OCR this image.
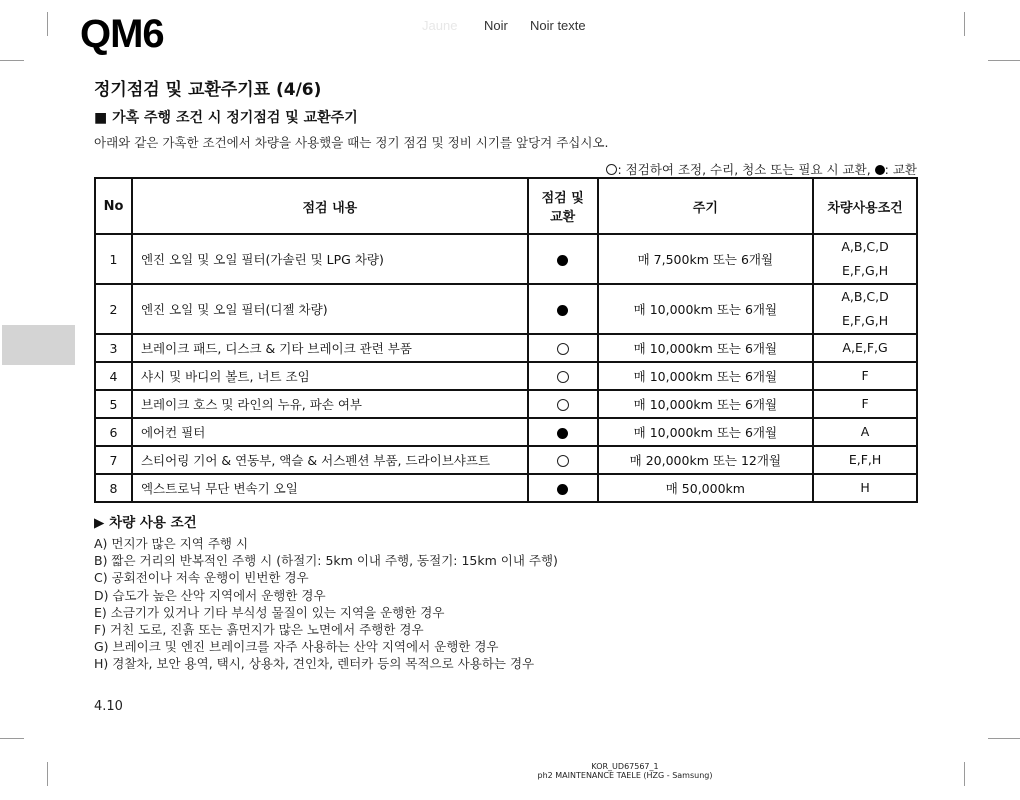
QM6	Jaune Noir Noir texte
정기점검 및 교환주기표 (4/6)
■ 가혹 주행 조건 시 정기점검 및 교환주기
아래와 같은 가혹한 조건에서 차량을 사용했을 때는 정기 점검 및 정비 시기를 앞당겨 주십시오.
: 점검하여 조정, 수리, 청소 또는 필요 시 교환, : 교환
No	점검 내용	점검 및 교환	주기	차량사용조건
1	엔진 오일 및 오일 필터(가솔린 및 LPG 차량)		매 7,500km 또는 6개월	A,B,C,D
E,F,G,H

2	엔진 오일 및 오일 필터(디젤 차량)		매 10,000km 또는 6개월	A,B,C,D
E,F,G,H

3	브레이크 패드, 디스크 & 기타 브레이크 관련 부품		매 10,000km 또는 6개월	A,E,F,G

4	샤시 및 바디의 볼트, 너트 조임		매 10,000km 또는 6개월	F

5	브레이크 호스 및 라인의 누유, 파손 여부		매 10,000km 또는 6개월	F

6	에어컨 필터		매 10,000km 또는 6개월	A

7	스티어링 기어 & 연동부, 액슬 & 서스펜션 부품, 드라이브샤프트		매 20,000km 또는 12개월	E,F,H

8	엑스트로닉 무단 변속기 오일		매 50,000km	H
▶ 차량 사용 조건
A) 먼지가 많은 지역 주행 시
B) 짧은 거리의 반복적인 주행 시 (하절기: 5km 이내 주행, 동절기: 15km 이내 주행)
C) 공회전이나 저속 운행이 빈번한 경우
D) 습도가 높은 산악 지역에서 운행한 경우
E) 소금기가 있거나 기타 부식성 물질이 있는 지역을 운행한 경우
F) 거친 도로, 진흙 또는 흙먼지가 많은 노면에서 주행한 경우
G) 브레이크 및 엔진 브레이크를 자주 사용하는 산악 지역에서 운행한 경우
H) 경찰차, 보안 용역, 택시, 상용차, 견인차, 렌터카 등의 목적으로 사용하는 경우
4.10
KOR_UD67567_1
ph2 MAINTENANCE TAELE (HZG - Samsung)
